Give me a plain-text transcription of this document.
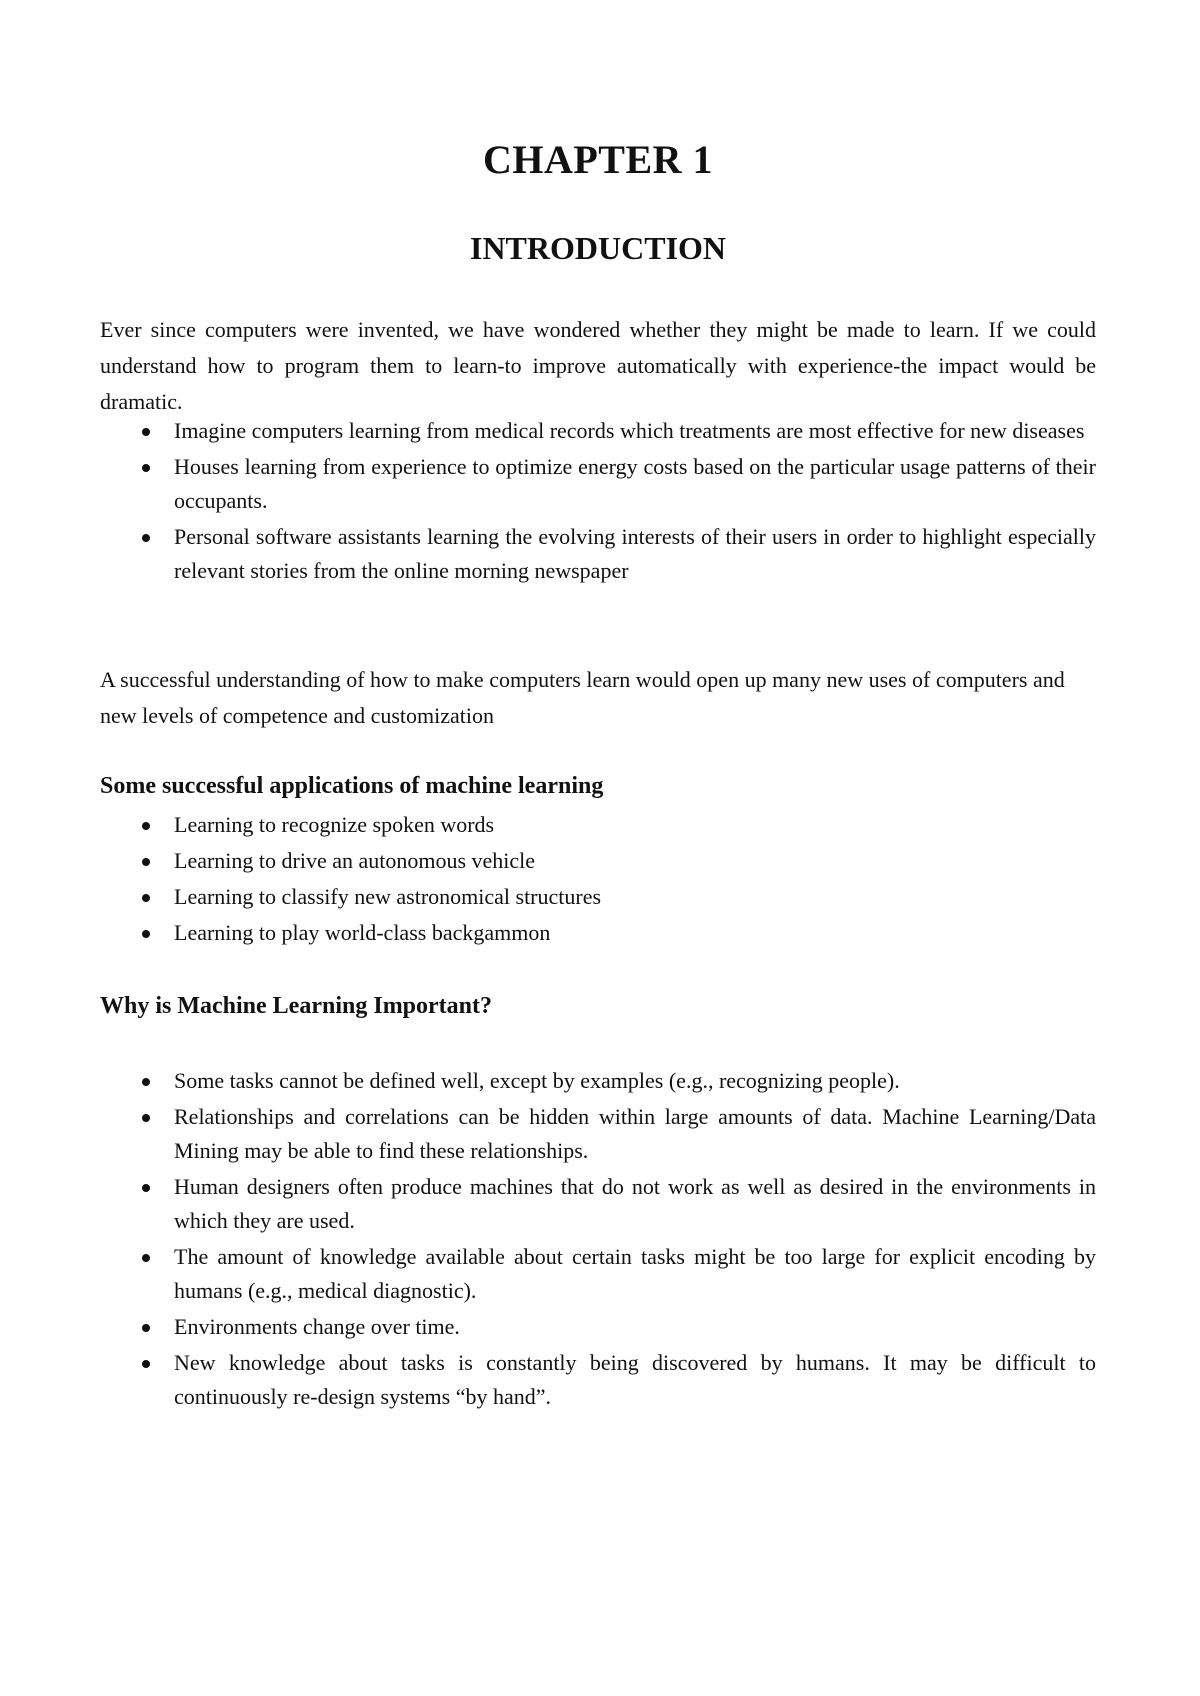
CHAPTER 1
INTRODUCTION

Ever since computers were invented, we have wondered whether they might be made to learn. If we could understand how to program them to learn-to improve automatically with experience-the impact would be dramatic.

Imagine computers learning from medical records which treatments are most effective for new diseases
Houses learning from experience to optimize energy costs based on the particular usage patterns of their occupants.
Personal software assistants learning the evolving interests of their users in order to highlight especially relevant stories from the online morning newspaper

A successful understanding of how to make computers learn would open up many new uses of computers and new levels of competence and customization

Some successful applications of machine learning
Learning to recognize spoken words
Learning to drive an autonomous vehicle
Learning to classify new astronomical structures
Learning to play world-class backgammon
Why is Machine Learning Important?
Some tasks cannot be defined well, except by examples (e.g., recognizing people).
Relationships and correlations can be hidden within large amounts of data. Machine Learning/Data Mining may be able to find these relationships.
Human designers often produce machines that do not work as well as desired in the environments in which they are used.
The amount of knowledge available about certain tasks might be too large for explicit encoding by humans (e.g., medical diagnostic).
Environments change over time.
New knowledge about tasks is constantly being discovered by humans. It may be difficult to continuously re-design systems “by hand”.
